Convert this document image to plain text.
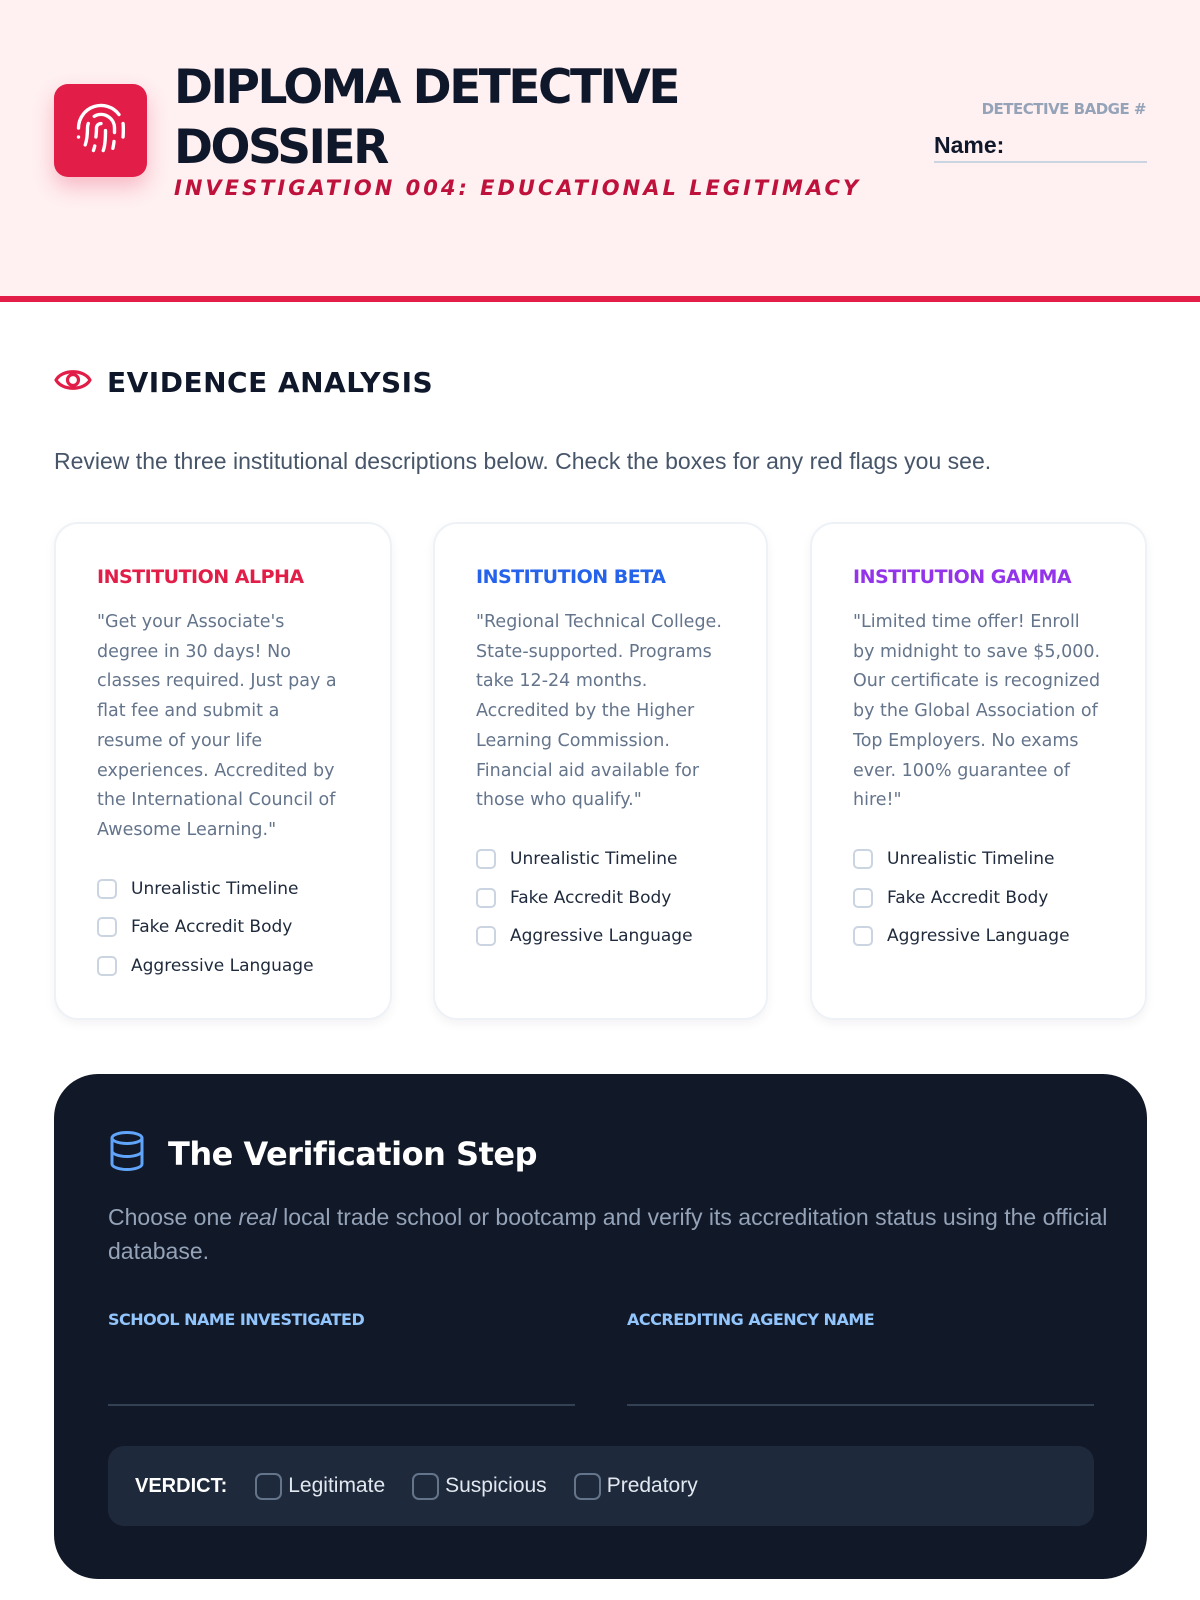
DIPLOMA DETECTIVE DOSSIER
INVESTIGATION 004: EDUCATIONAL LEGITIMACY
DETECTIVE BADGE #
Name:
EVIDENCE ANALYSIS
Review the three institutional descriptions below. Check the boxes for any red flags you see.
INSTITUTION ALPHA
"Get your Associate's degree in 30 days! No classes required. Just pay a flat fee and submit a resume of your life experiences. Accredited by the International Council of Awesome Learning."
Unrealistic Timeline
Fake Accredit Body
Aggressive Language
INSTITUTION BETA
"Regional Technical College. State-supported. Programs take 12-24 months. Accredited by the Higher Learning Commission. Financial aid available for those who qualify."
Unrealistic Timeline
Fake Accredit Body
Aggressive Language
INSTITUTION GAMMA
"Limited time offer! Enroll by midnight to save $5,000. Our certificate is recognized by the Global Association of Top Employers. No exams ever. 100% guarantee of hire!"
Unrealistic Timeline
Fake Accredit Body
Aggressive Language
The Verification Step
Choose one real local trade school or bootcamp and verify its accreditation status using the official database.
SCHOOL NAME INVESTIGATED	ACCREDITING AGENCY NAME
VERDICT:	Legitimate	Suspicious	Predatory
